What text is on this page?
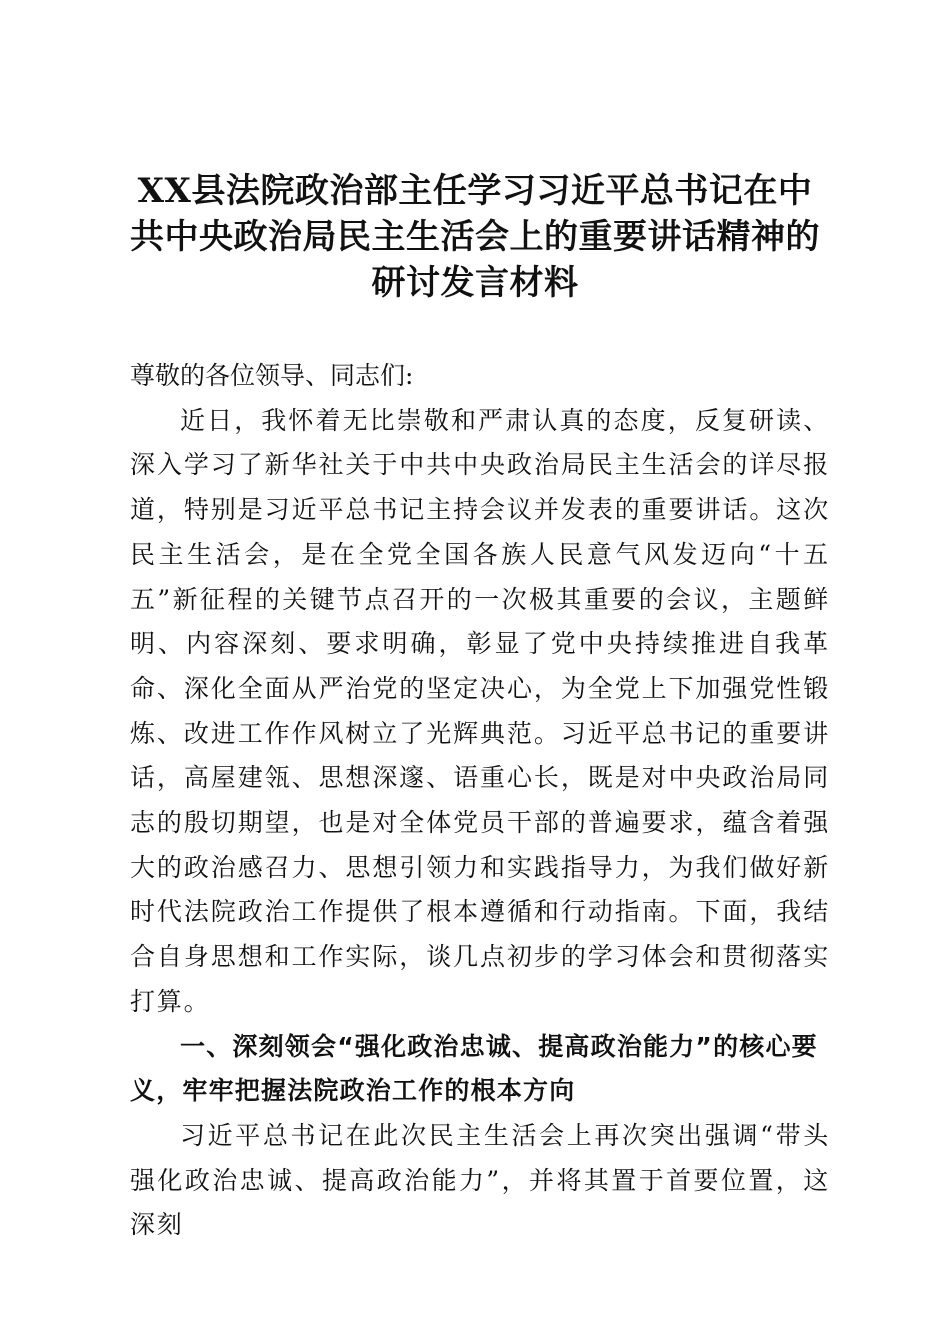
XX县法院政治部主任学习习近平总书记在中
共中央政治局民主生活会上的重要讲话精神的
研讨发言材料

尊敬的各位领导、同志们:

近日，我怀着无比崇敬和严肃认真的态度，反复研读、深入学习了新华社关于中共中央政治局民主生活会的详尽报道，特别是习近平总书记主持会议并发表的重要讲话。这次民主生活会，是在全党全国各族人民意气风发迈向“十五五”新征程的关键节点召开的一次极其重要的会议，主题鲜明、内容深刻、要求明确，彰显了党中央持续推进自我革命、深化全面从严治党的坚定决心，为全党上下加强党性锻炼、改进工作作风树立了光辉典范。习近平总书记的重要讲话，高屋建瓴、思想深邃、语重心长，既是对中央政治局同志的殷切期望，也是对全体党员干部的普遍要求，蕴含着强大的政治感召力、思想引领力和实践指导力，为我们做好新时代法院政治工作提供了根本遵循和行动指南。下面，我结合自身思想和工作实际，谈几点初步的学习体会和贯彻落实打算。

一、深刻领会“强化政治忠诚、提高政治能力”的核心要义，牢牢把握法院政治工作的根本方向

习近平总书记在此次民主生活会上再次突出强调“带头强化政治忠诚、提高政治能力”，并将其置于首要位置，这深刻
